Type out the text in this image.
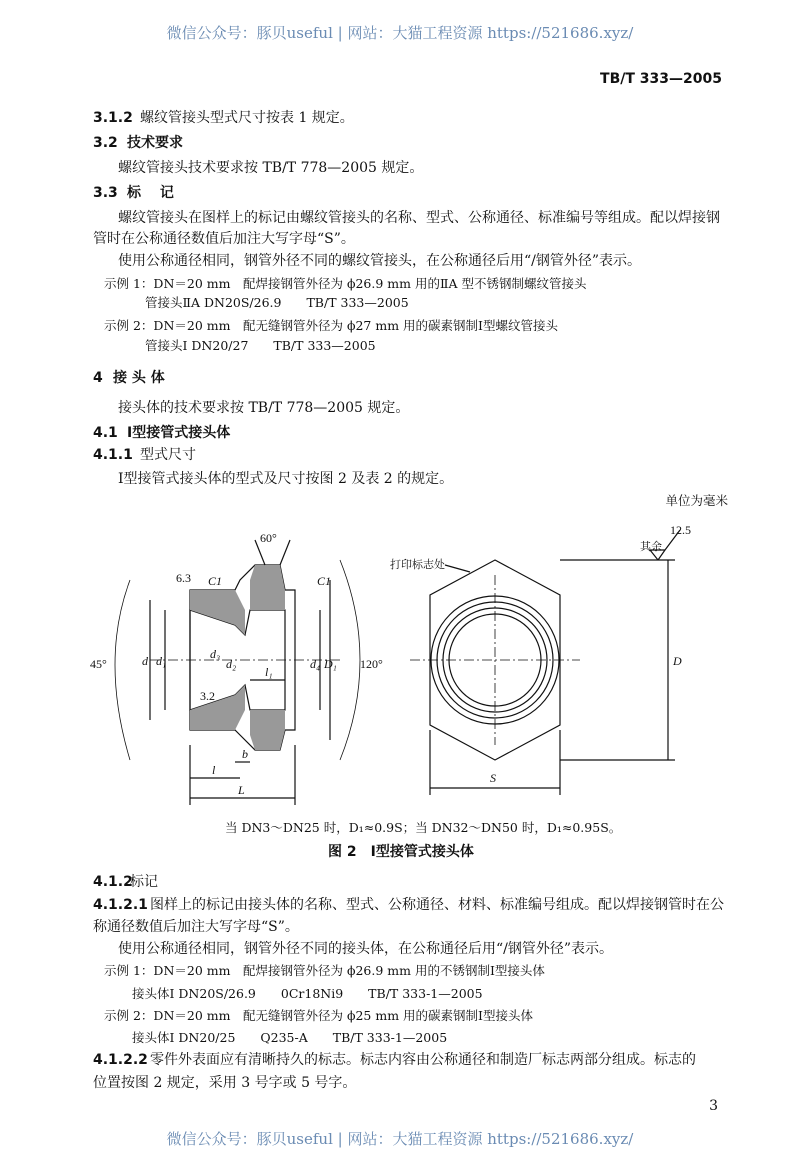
微信公众号：豚贝useful | 网站：大猫工程资源 https://521686.xyz/
TB/T 333—2005
3.1.2 螺纹管接头型式尺寸按表 1 规定。
3.2 技术要求
螺纹管接头技术要求按 TB/T 778—2005 规定。
3.3 标　 记
螺纹管接头在图样上的标记由螺纹管接头的名称、型式、公称通径、标准编号等组成。配以焊接钢
管时在公称通径数值后加注大写字母“S”。
使用公称通径相同，钢管外径不同的螺纹管接头，在公称通径后用“/钢管外径”表示。
示例 1：DN＝20 mm　配焊接钢管外径为 ϕ26.9 mm 用的ⅡA 型不锈钢制螺纹管接头
管接头ⅡA DN20S/26.9　　TB/T 333—2005
示例 2：DN＝20 mm　配无缝钢管外径为 ϕ27 mm 用的碳素钢制Ⅰ型螺纹管接头
管接头Ⅰ DN20/27　　TB/T 333—2005
4 接 头 体
接头体的技术要求按 TB/T 778—2005 规定。
4.1 Ⅰ型接管式接头体
4.1.1 型式尺寸
Ⅰ型接管式接头体的型式及尺寸按图 2 及表 2 的规定。
单位为毫米
60°
C1	C1
6.3
3.2
45°	120°
d d₁	d₃
d₂	d₄ D₁
l₁
b
l
L
打印标志处
其余
12.5
D
S
当 DN3～DN25 时，D₁≈0.9S；当 DN32～DN50 时，D₁≈0.95S。
图 2　Ⅰ型接管式接头体
4.1.2
标记
4.1.2.1 图样上的标记由接头体的名称、型式、公称通径、材料、标准编号组成。配以焊接钢管时在公
称通径数值后加注大写字母“S”。
使用公称通径相同，钢管外径不同的接头体，在公称通径后用“/钢管外径”表示。
示例 1：DN＝20 mm　配焊接钢管外径为 ϕ26.9 mm 用的不锈钢制Ⅰ型接头体
接头体Ⅰ DN20S/26.9　　0Cr18Ni9　　TB/T 333-1—2005
示例 2：DN＝20 mm　配无缝钢管外径为 ϕ25 mm 用的碳素钢制Ⅰ型接头体
接头体Ⅰ DN20/25　　Q235-A　　TB/T 333-1—2005
4.1.2.2 零件外表面应有清晰持久的标志。标志内容由公称通径和制造厂标志两部分组成。标志的
位置按图 2 规定，采用 3 号字或 5 号字。
3
微信公众号：豚贝useful | 网站：大猫工程资源 https://521686.xyz/
